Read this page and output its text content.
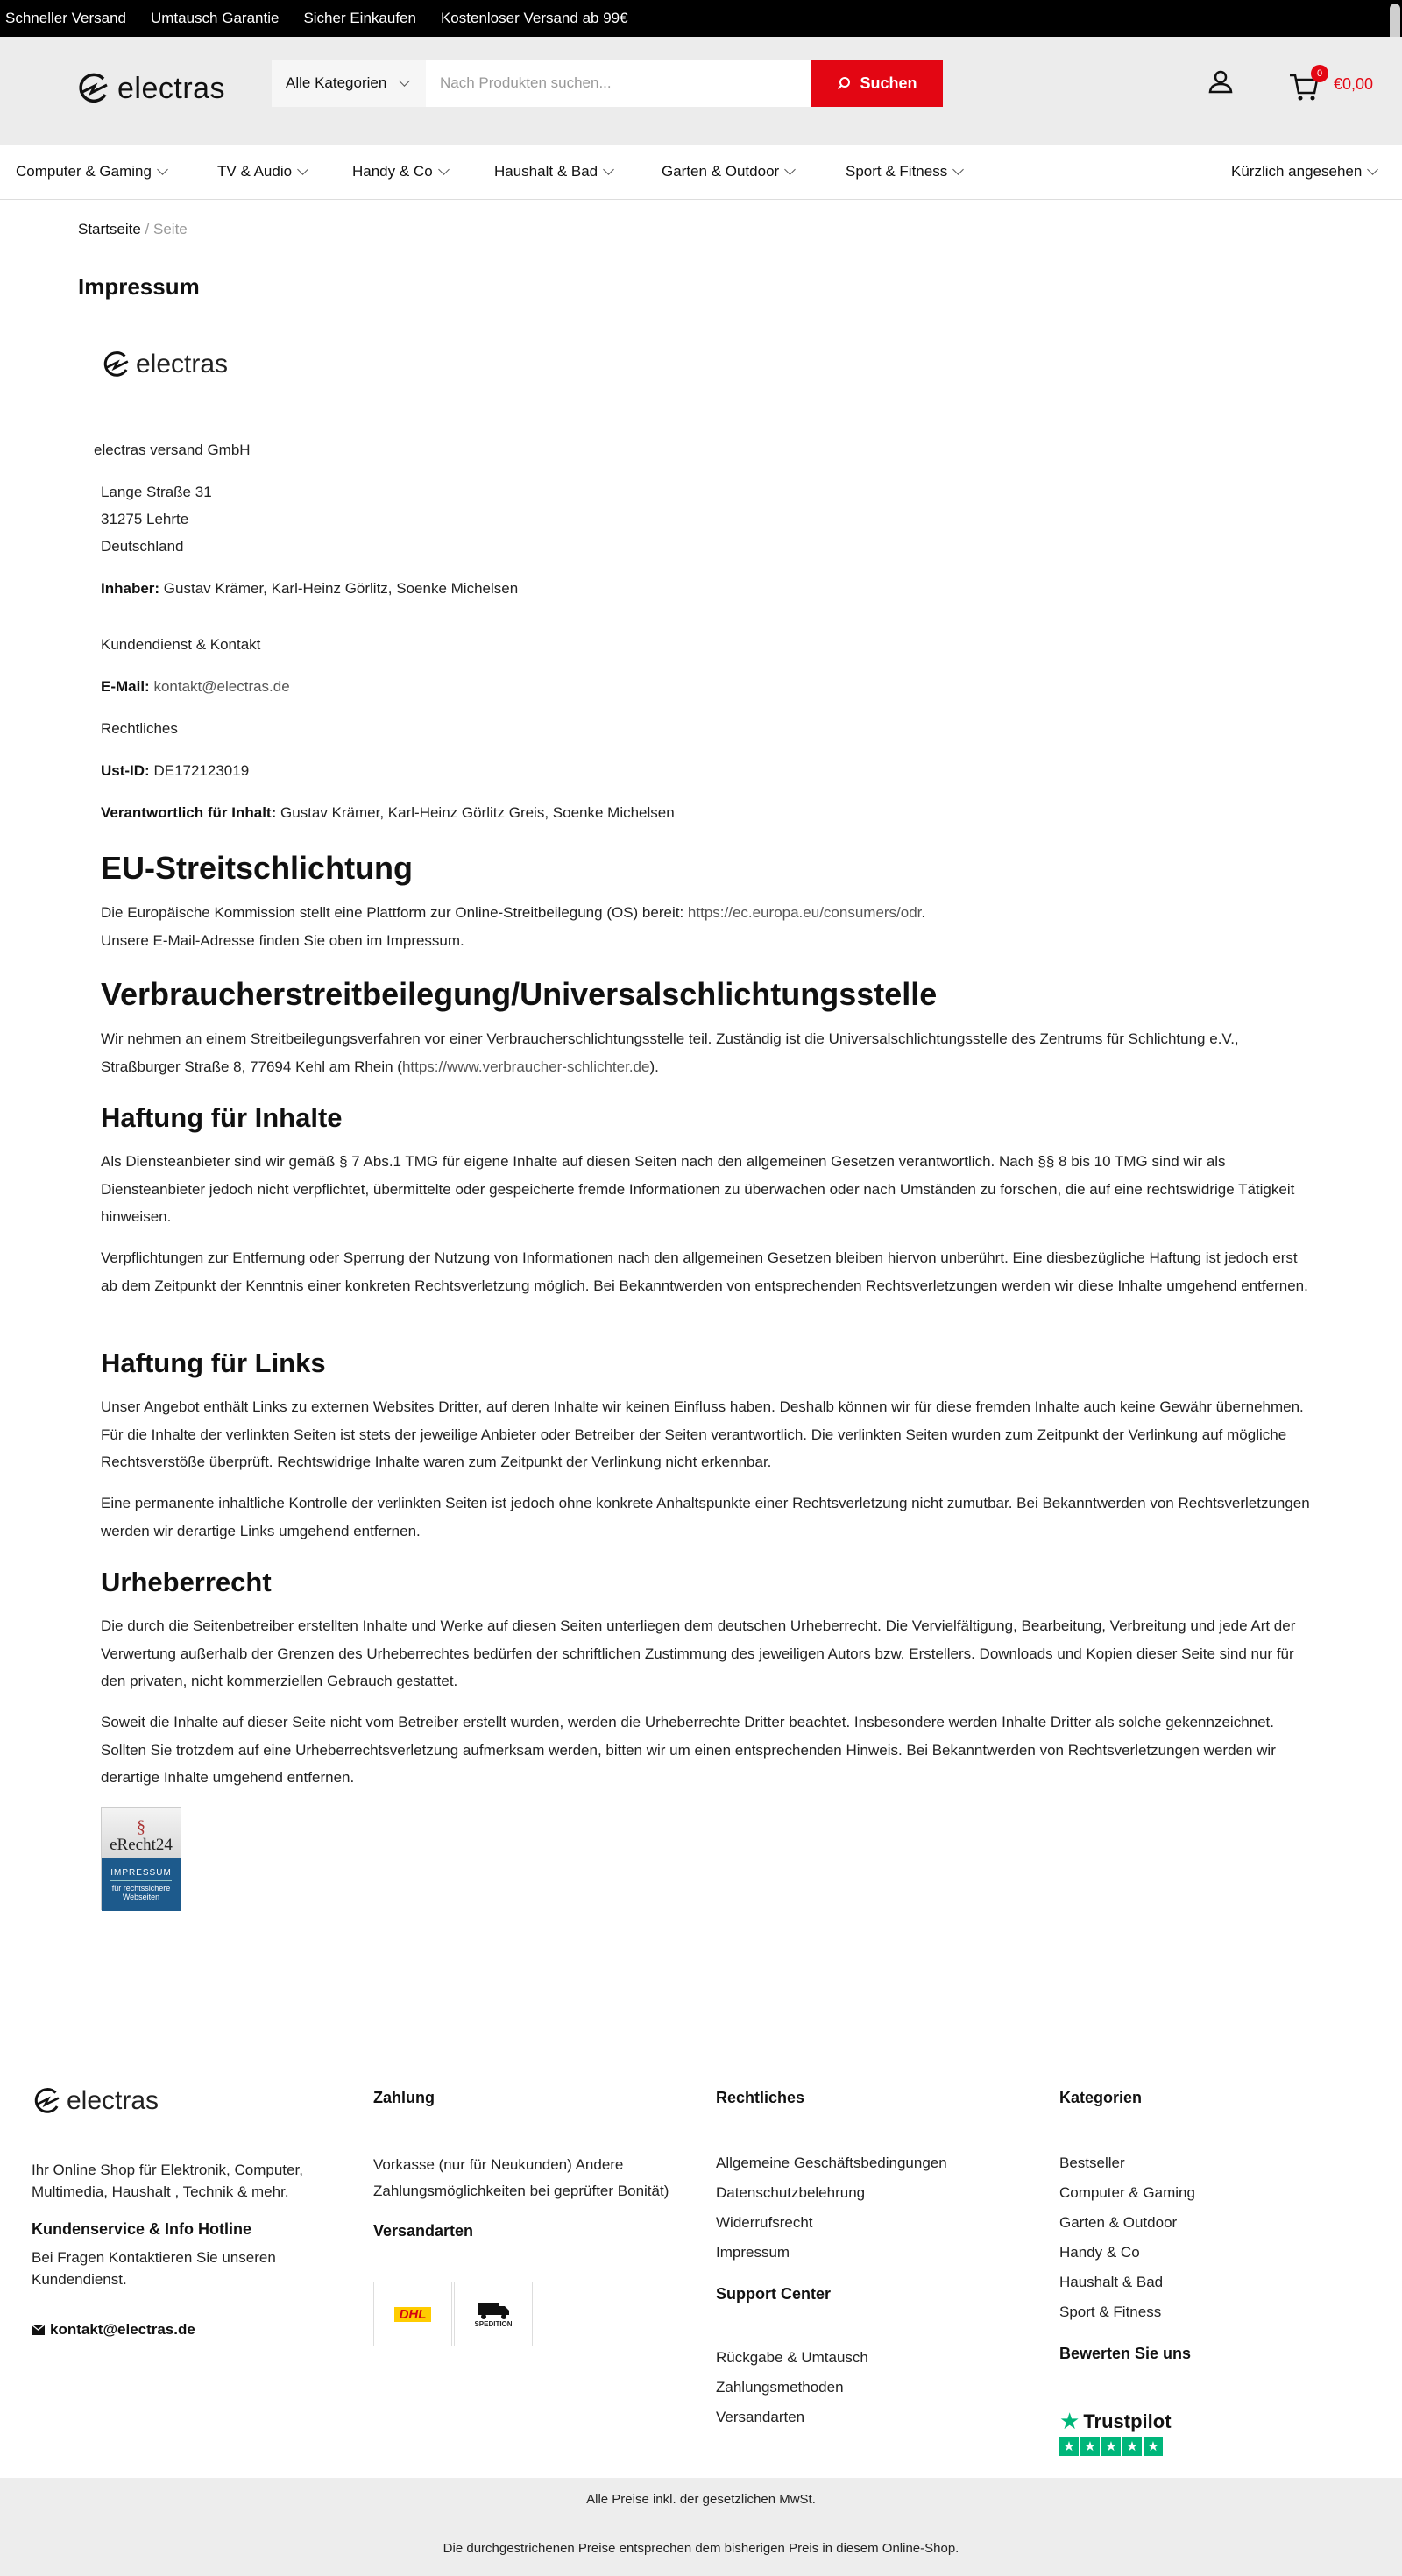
Schneller Versand Umtausch Garantie Sicher Einkaufen Kostenloser Versand ab 99€
electras	Alle Kategorien	Nach Produkten suchen...	Suchen
0
€0,00
Computer & Gaming	TV & Audio	Handy & Co	Haushalt & Bad	Garten & Outdoor	Sport & Fitness	Kürzlich angesehen
Startseite / Seite
Impressum
electras
electras versand GmbH
Lange Straße 31
31275 Lehrte
Deutschland
Inhaber: Gustav Krämer, Karl-Heinz Görlitz, Soenke Michelsen
Kundendienst & Kontakt
E-Mail: kontakt@electras.de
Rechtliches
Ust-ID: DE172123019
Verantwortlich für Inhalt: Gustav Krämer, Karl-Heinz Görlitz Greis, Soenke Michelsen
EU-Streitschlichtung
Die Europäische Kommission stellt eine Plattform zur Online-Streitbeilegung (OS) bereit: https://ec.europa.eu/consumers/odr.
Unsere E-Mail-Adresse finden Sie oben im Impressum.
Verbraucherstreitbeilegung/Universalschlichtungsstelle
Wir nehmen an einem Streitbeilegungsverfahren vor einer Verbraucherschlichtungsstelle teil. Zuständig ist die Universalschlichtungsstelle des Zentrums für Schlichtung e.V., Straßburger Straße 8, 77694 Kehl am Rhein (https://www.verbraucher-schlichter.de).
Haftung für Inhalte
Als Diensteanbieter sind wir gemäß § 7 Abs.1 TMG für eigene Inhalte auf diesen Seiten nach den allgemeinen Gesetzen verantwortlich. Nach §§ 8 bis 10 TMG sind wir als Diensteanbieter jedoch nicht verpflichtet, übermittelte oder gespeicherte fremde Informationen zu überwachen oder nach Umständen zu forschen, die auf eine rechtswidrige Tätigkeit hinweisen.
Verpflichtungen zur Entfernung oder Sperrung der Nutzung von Informationen nach den allgemeinen Gesetzen bleiben hiervon unberührt. Eine diesbezügliche Haftung ist jedoch erst ab dem Zeitpunkt der Kenntnis einer konkreten Rechtsverletzung möglich. Bei Bekanntwerden von entsprechenden Rechtsverletzungen werden wir diese Inhalte umgehend entfernen.
Haftung für Links
Unser Angebot enthält Links zu externen Websites Dritter, auf deren Inhalte wir keinen Einfluss haben. Deshalb können wir für diese fremden Inhalte auch keine Gewähr übernehmen. Für die Inhalte der verlinkten Seiten ist stets der jeweilige Anbieter oder Betreiber der Seiten verantwortlich. Die verlinkten Seiten wurden zum Zeitpunkt der Verlinkung auf mögliche Rechtsverstöße überprüft. Rechtswidrige Inhalte waren zum Zeitpunkt der Verlinkung nicht erkennbar.
Eine permanente inhaltliche Kontrolle der verlinkten Seiten ist jedoch ohne konkrete Anhaltspunkte einer Rechtsverletzung nicht zumutbar. Bei Bekanntwerden von Rechtsverletzungen werden wir derartige Links umgehend entfernen.
Urheberrecht
Die durch die Seitenbetreiber erstellten Inhalte und Werke auf diesen Seiten unterliegen dem deutschen Urheberrecht. Die Vervielfältigung, Bearbeitung, Verbreitung und jede Art der Verwertung außerhalb der Grenzen des Urheberrechtes bedürfen der schriftlichen Zustimmung des jeweiligen Autors bzw. Erstellers. Downloads und Kopien dieser Seite sind nur für den privaten, nicht kommerziellen Gebrauch gestattet.
Soweit die Inhalte auf dieser Seite nicht vom Betreiber erstellt wurden, werden die Urheberrechte Dritter beachtet. Insbesondere werden Inhalte Dritter als solche gekennzeichnet. Sollten Sie trotzdem auf eine Urheberrechtsverletzung aufmerksam werden, bitten wir um einen entsprechenden Hinweis. Bei Bekanntwerden von Rechtsverletzungen werden wir derartige Inhalte umgehend entfernen.
§
eRecht24
IMPRESSUM
für rechtssichere Webseiten
electras
Ihr Online Shop für Elektronik, Computer, Multimedia, Haushalt , Technik & mehr.
Kundenservice & Info Hotline
Bei Fragen Kontaktieren Sie unseren Kundendienst.
kontakt@electras.de
Zahlung
Vorkasse (nur für Neukunden) Andere Zahlungsmöglichkeiten bei geprüfter Bonität)
Versandarten
DHL
SPEDITION
Rechtliches
Allgemeine Geschäftsbedingungen
Datenschutzbelehrung
Widerrufsrecht
Impressum
Support Center
Rückgabe & Umtausch
Zahlungsmethoden
Versandarten
Kategorien
Bestseller
Computer & Gaming
Garten & Outdoor
Handy & Co
Haushalt & Bad
Sport & Fitness
Bewerten Sie uns
★ Trustpilot
★ ★ ★ ★ ★
Alle Preise inkl. der gesetzlichen MwSt.
Die durchgestrichenen Preise entsprechen dem bisherigen Preis in diesem Online-Shop.
